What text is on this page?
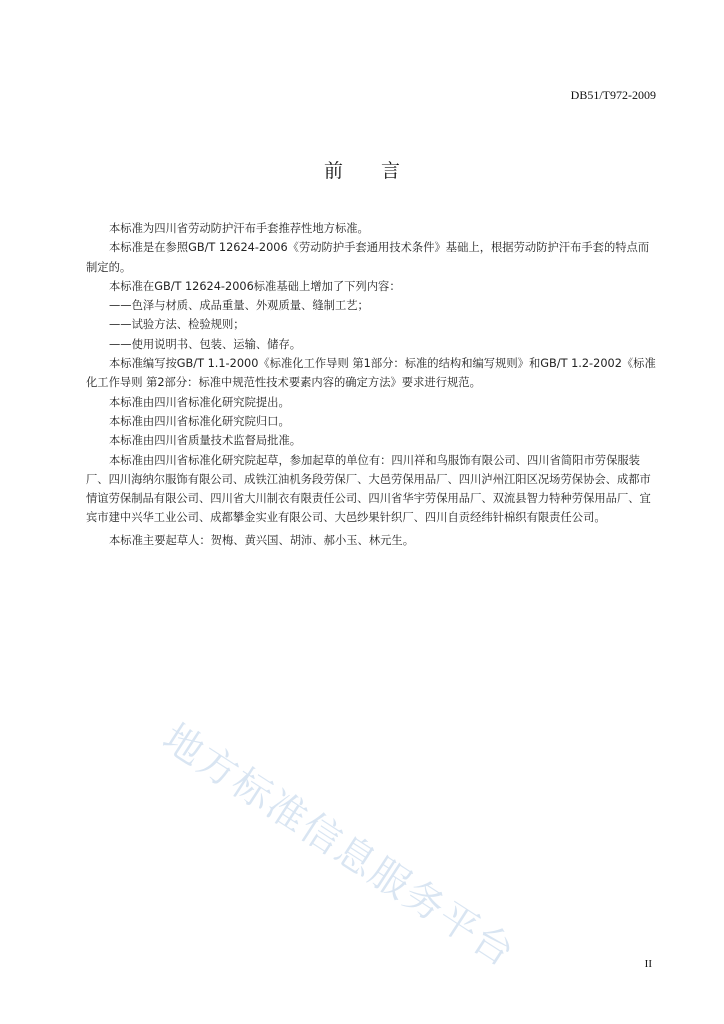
DB51/T972-2009
前 言

本标准为四川省劳动防护汗布手套推荐性地方标准。

本标准是在参照GB/T 12624-2006《劳动防护手套通用技术条件》基础上，根据劳动防护汗布手套的特点而制定的。

本标准在GB/T 12624-2006标准基础上增加了下列内容：

——色泽与材质、成品重量、外观质量、缝制工艺；

——试验方法、检验规则；

——使用说明书、包装、运输、储存。

本标准编写按GB/T 1.1-2000《标准化工作导则 第1部分：标准的结构和编写规则》和GB/T 1.2-2002《标准化工作导则 第2部分：标准中规范性技术要素内容的确定方法》要求进行规范。

本标准由四川省标准化研究院提出。

本标准由四川省标准化研究院归口。

本标准由四川省质量技术监督局批准。

本标准由四川省标准化研究院起草，参加起草的单位有：四川祥和鸟服饰有限公司、四川省简阳市劳保服装厂、四川海纳尔服饰有限公司、成铁江油机务段劳保厂、大邑劳保用品厂、四川泸州江阳区况场劳保协会、成都市情谊劳保制品有限公司、四川省大川制衣有限责任公司、四川省华宇劳保用品厂、双流县智力特种劳保用品厂、宜宾市建中兴华工业公司、成都攀金实业有限公司、大邑纱果针织厂、四川自贡经纬针棉织有限责任公司。

本标准主要起草人：贺梅、黄兴国、胡沛、郝小玉、林元生。

地方标准信息服务平台	II
